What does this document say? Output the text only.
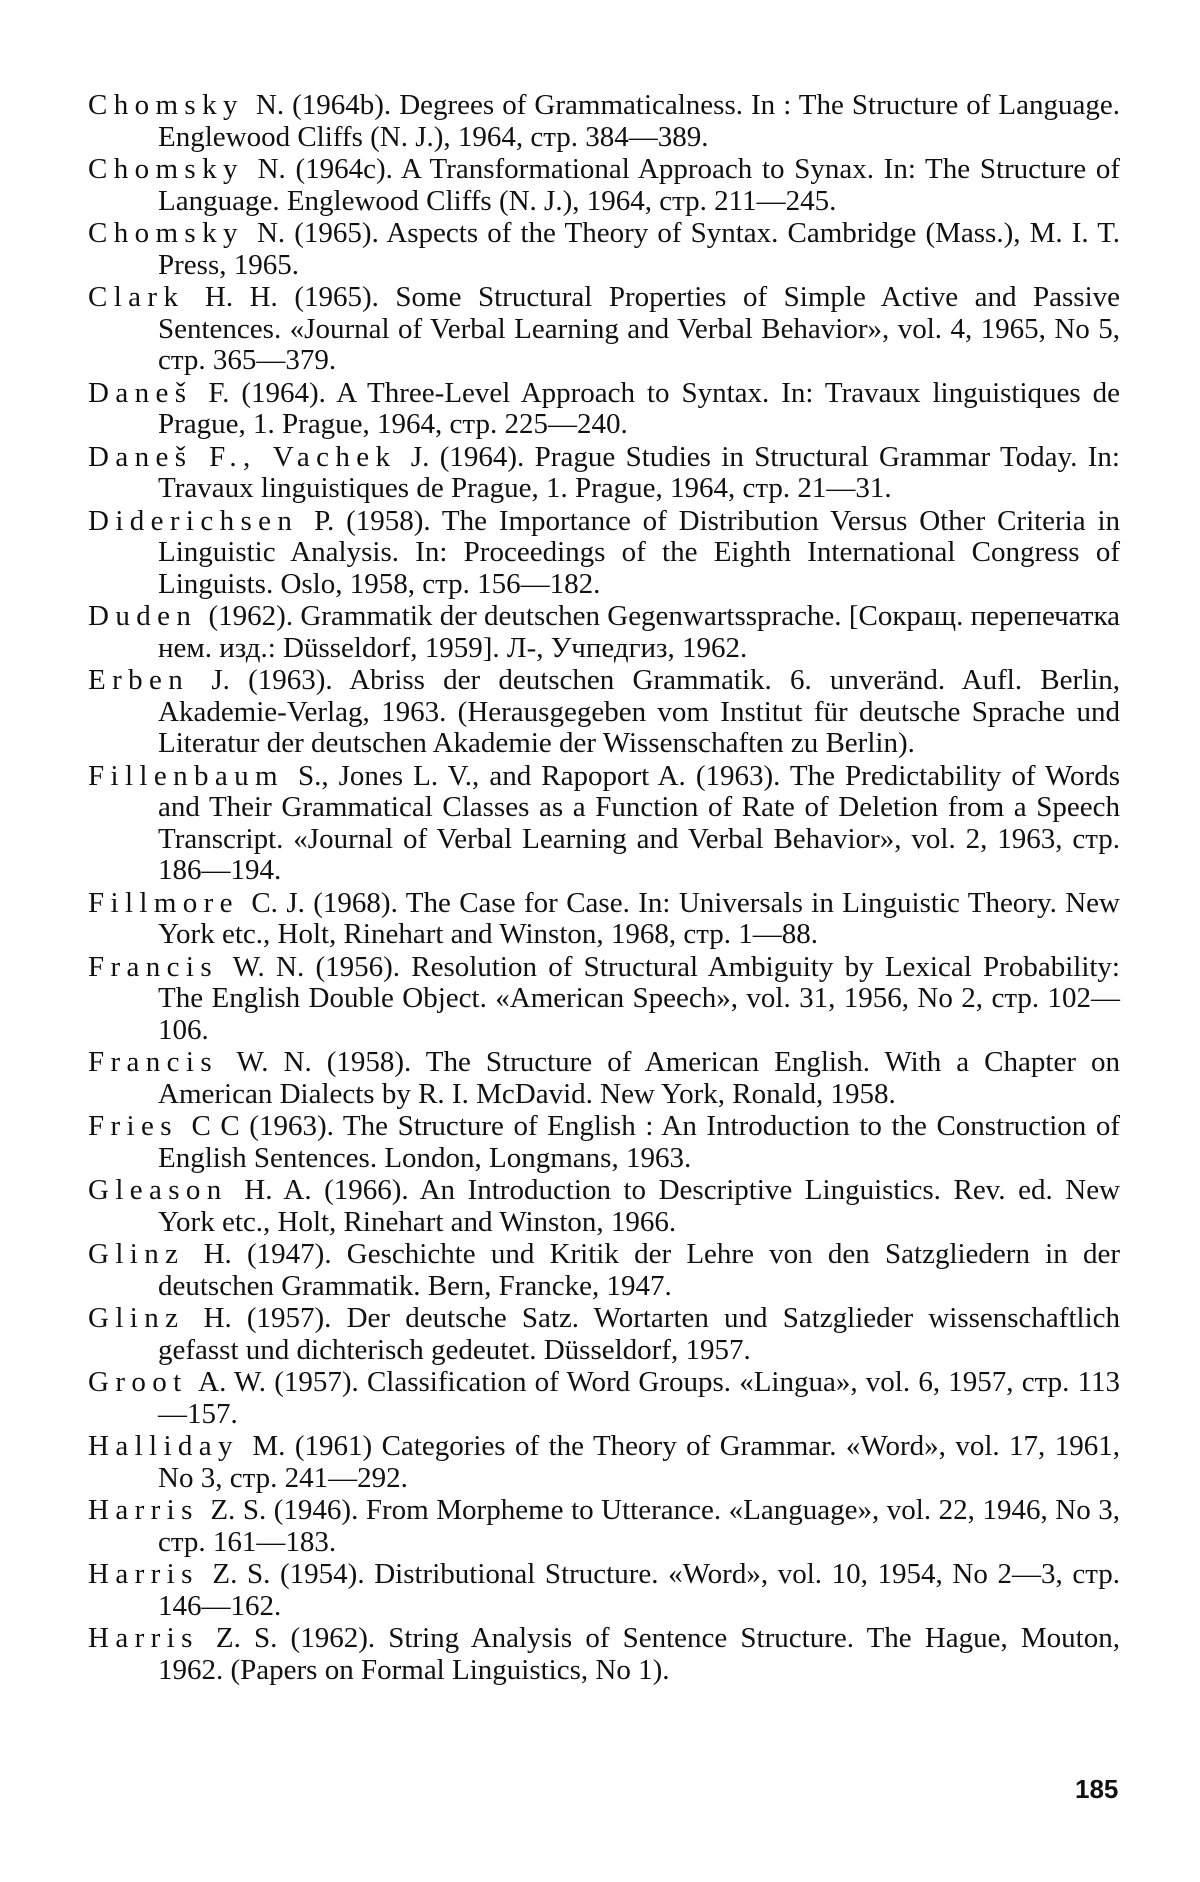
Chomsky N. (1964b). Degrees of Grammaticalness. In : The Structure of Language. Englewood Cliffs (N. J.), 1964, стр. 384—389.
Chomsky N. (1964c). A Transformational Approach to Synax. In: The Structure of Language. Englewood Cliffs (N. J.), 1964, стр. 211—245.
Chomsky N. (1965). Aspects of the Theory of Syntax. Cambridge (Mass.), M. I. T. Press, 1965.
Clark H. H. (1965). Some Structural Properties of Simple Active and Passive Sentences. «Journal of Verbal Learning and Verbal Behavior», vol. 4, 1965, No 5, стр. 365—379.
Daneš F. (1964). A Three-Level Approach to Syntax. In: Travaux linguistiques de Prague, 1. Prague, 1964, стр. 225—240.
Daneš F., Vachek J. (1964). Prague Studies in Structural Grammar Today. In: Travaux linguistiques de Prague, 1. Prague, 1964, стр. 21—31.
Diderichsen P. (1958). The Importance of Distribution Versus Other Criteria in Linguistic Analysis. In: Proceedings of the Eighth International Congress of Linguists. Oslo, 1958, стр. 156—182.
Duden (1962). Grammatik der deutschen Gegenwartssprache. [Сокращ. перепечатка нем. изд.: Düsseldorf, 1959]. Л-, Учпедгиз, 1962.
Erben J. (1963). Abriss der deutschen Grammatik. 6. unveränd. Aufl. Berlin, Akademie-Verlag, 1963. (Herausgegeben vom Institut für deutsche Sprache und Literatur der deutschen Akademie der Wissenschaften zu Berlin).
Fillenbaum S., Jones L. V., and Rapoport A. (1963). The Predictability of Words and Their Grammatical Classes as a Function of Rate of Deletion from a Speech Transcript. «Journal of Verbal Learning and Verbal Behavior», vol. 2, 1963, стр. 186—194.
Fillmore C. J. (1968). The Case for Case. In: Universals in Linguistic Theory. New York etc., Holt, Rinehart and Winston, 1968, стр. 1—88.
Francis W. N. (1956). Resolution of Structural Ambiguity by Lexical Probability: The English Double Object. «American Speech», vol. 31, 1956, No 2, стр. 102—106.
Francis W. N. (1958). The Structure of American English. With a Chapter on American Dialects by R. I. McDavid. New York, Ronald, 1958.
Fries C C (1963). The Structure of English : An Introduction to the Construction of English Sentences. London, Longmans, 1963.
Gleason H. A. (1966). An Introduction to Descriptive Linguistics. Rev. ed. New York etc., Holt, Rinehart and Winston, 1966.
Glinz H. (1947). Geschichte und Kritik der Lehre von den Satzgliedern in der deutschen Grammatik. Bern, Francke, 1947.
Glinz H. (1957). Der deutsche Satz. Wortarten und Satzglieder wissenschaftlich gefasst und dichterisch gedeutet. Düsseldorf, 1957.
Groot A. W. (1957). Classification of Word Groups. «Lingua», vol. 6, 1957, стр. 113—157.
Halliday M. (1961) Categories of the Theory of Grammar. «Word», vol. 17, 1961, No 3, стр. 241—292.
Harris Z. S. (1946). From Morpheme to Utterance. «Language», vol. 22, 1946, No 3, стр. 161—183.
Harris Z. S. (1954). Distributional Structure. «Word», vol. 10, 1954, No 2—3, стр. 146—162.
Harris Z. S. (1962). String Analysis of Sentence Structure. The Hague, Mouton, 1962. (Papers on Formal Linguistics, No 1).
185
